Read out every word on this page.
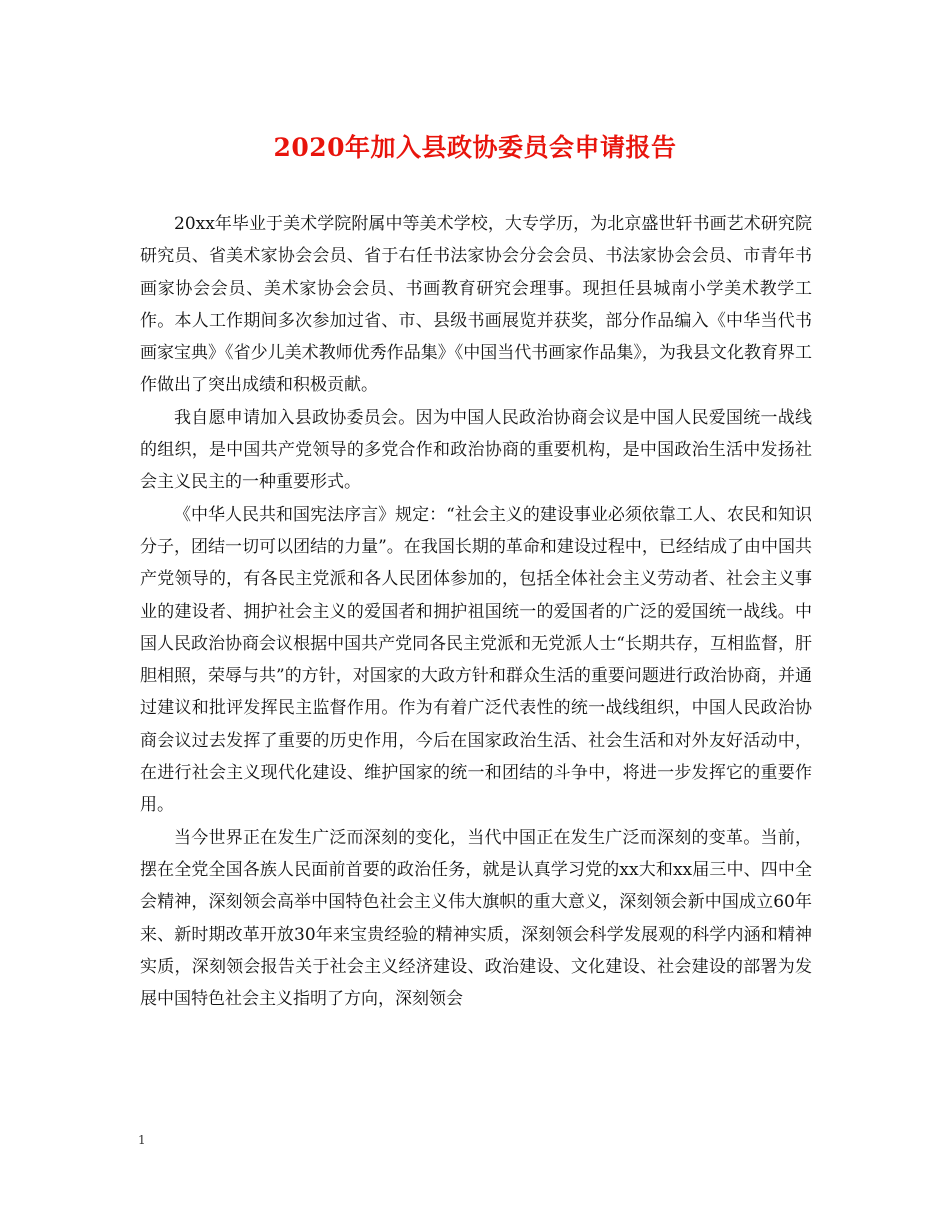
2020年加入县政协委员会申请报告

20xx年毕业于美术学院附属中等美术学校，大专学历，为北京盛世轩书画艺术研究院研究员、省美术家协会会员、省于右任书法家协会分会会员、书法家协会会员、市青年书画家协会会员、美术家协会会员、书画教育研究会理事。现担任县城南小学美术教学工作。本人工作期间多次参加过省、市、县级书画展览并获奖，部分作品编入《中华当代书画家宝典》《省少儿美术教师优秀作品集》《中国当代书画家作品集》，为我县文化教育界工作做出了突出成绩和积极贡献。

我自愿申请加入县政协委员会。因为中国人民政治协商会议是中国人民爱国统一战线的组织，是中国共产党领导的多党合作和政治协商的重要机构，是中国政治生活中发扬社会主义民主的一种重要形式。

《中华人民共和国宪法序言》规定：“社会主义的建设事业必须依靠工人、农民和知识分子，团结一切可以团结的力量”。在我国长期的革命和建设过程中，已经结成了由中国共产党领导的，有各民主党派和各人民团体参加的，包括全体社会主义劳动者、社会主义事业的建设者、拥护社会主义的爱国者和拥护祖国统一的爱国者的广泛的爱国统一战线。中国人民政治协商会议根据中国共产党同各民主党派和无党派人士“长期共存，互相监督，肝胆相照，荣辱与共”的方针，对国家的大政方针和群众生活的重要问题进行政治协商，并通过建议和批评发挥民主监督作用。作为有着广泛代表性的统一战线组织，中国人民政治协商会议过去发挥了重要的历史作用，今后在国家政治生活、社会生活和对外友好活动中，在进行社会主义现代化建设、维护国家的统一和团结的斗争中，将进一步发挥它的重要作用。

当今世界正在发生广泛而深刻的变化，当代中国正在发生广泛而深刻的变革。当前，摆在全党全国各族人民面前首要的政治任务，就是认真学习党的xx大和xx届三中、四中全会精神，深刻领会高举中国特色社会主义伟大旗帜的重大意义，深刻领会新中国成立60年来、新时期改革开放30年来宝贵经验的精神实质，深刻领会科学发展观的科学内涵和精神实质，深刻领会报告关于社会主义经济建设、政治建设、文化建设、社会建设的部署为发展中国特色社会主义指明了方向，深刻领会

1
